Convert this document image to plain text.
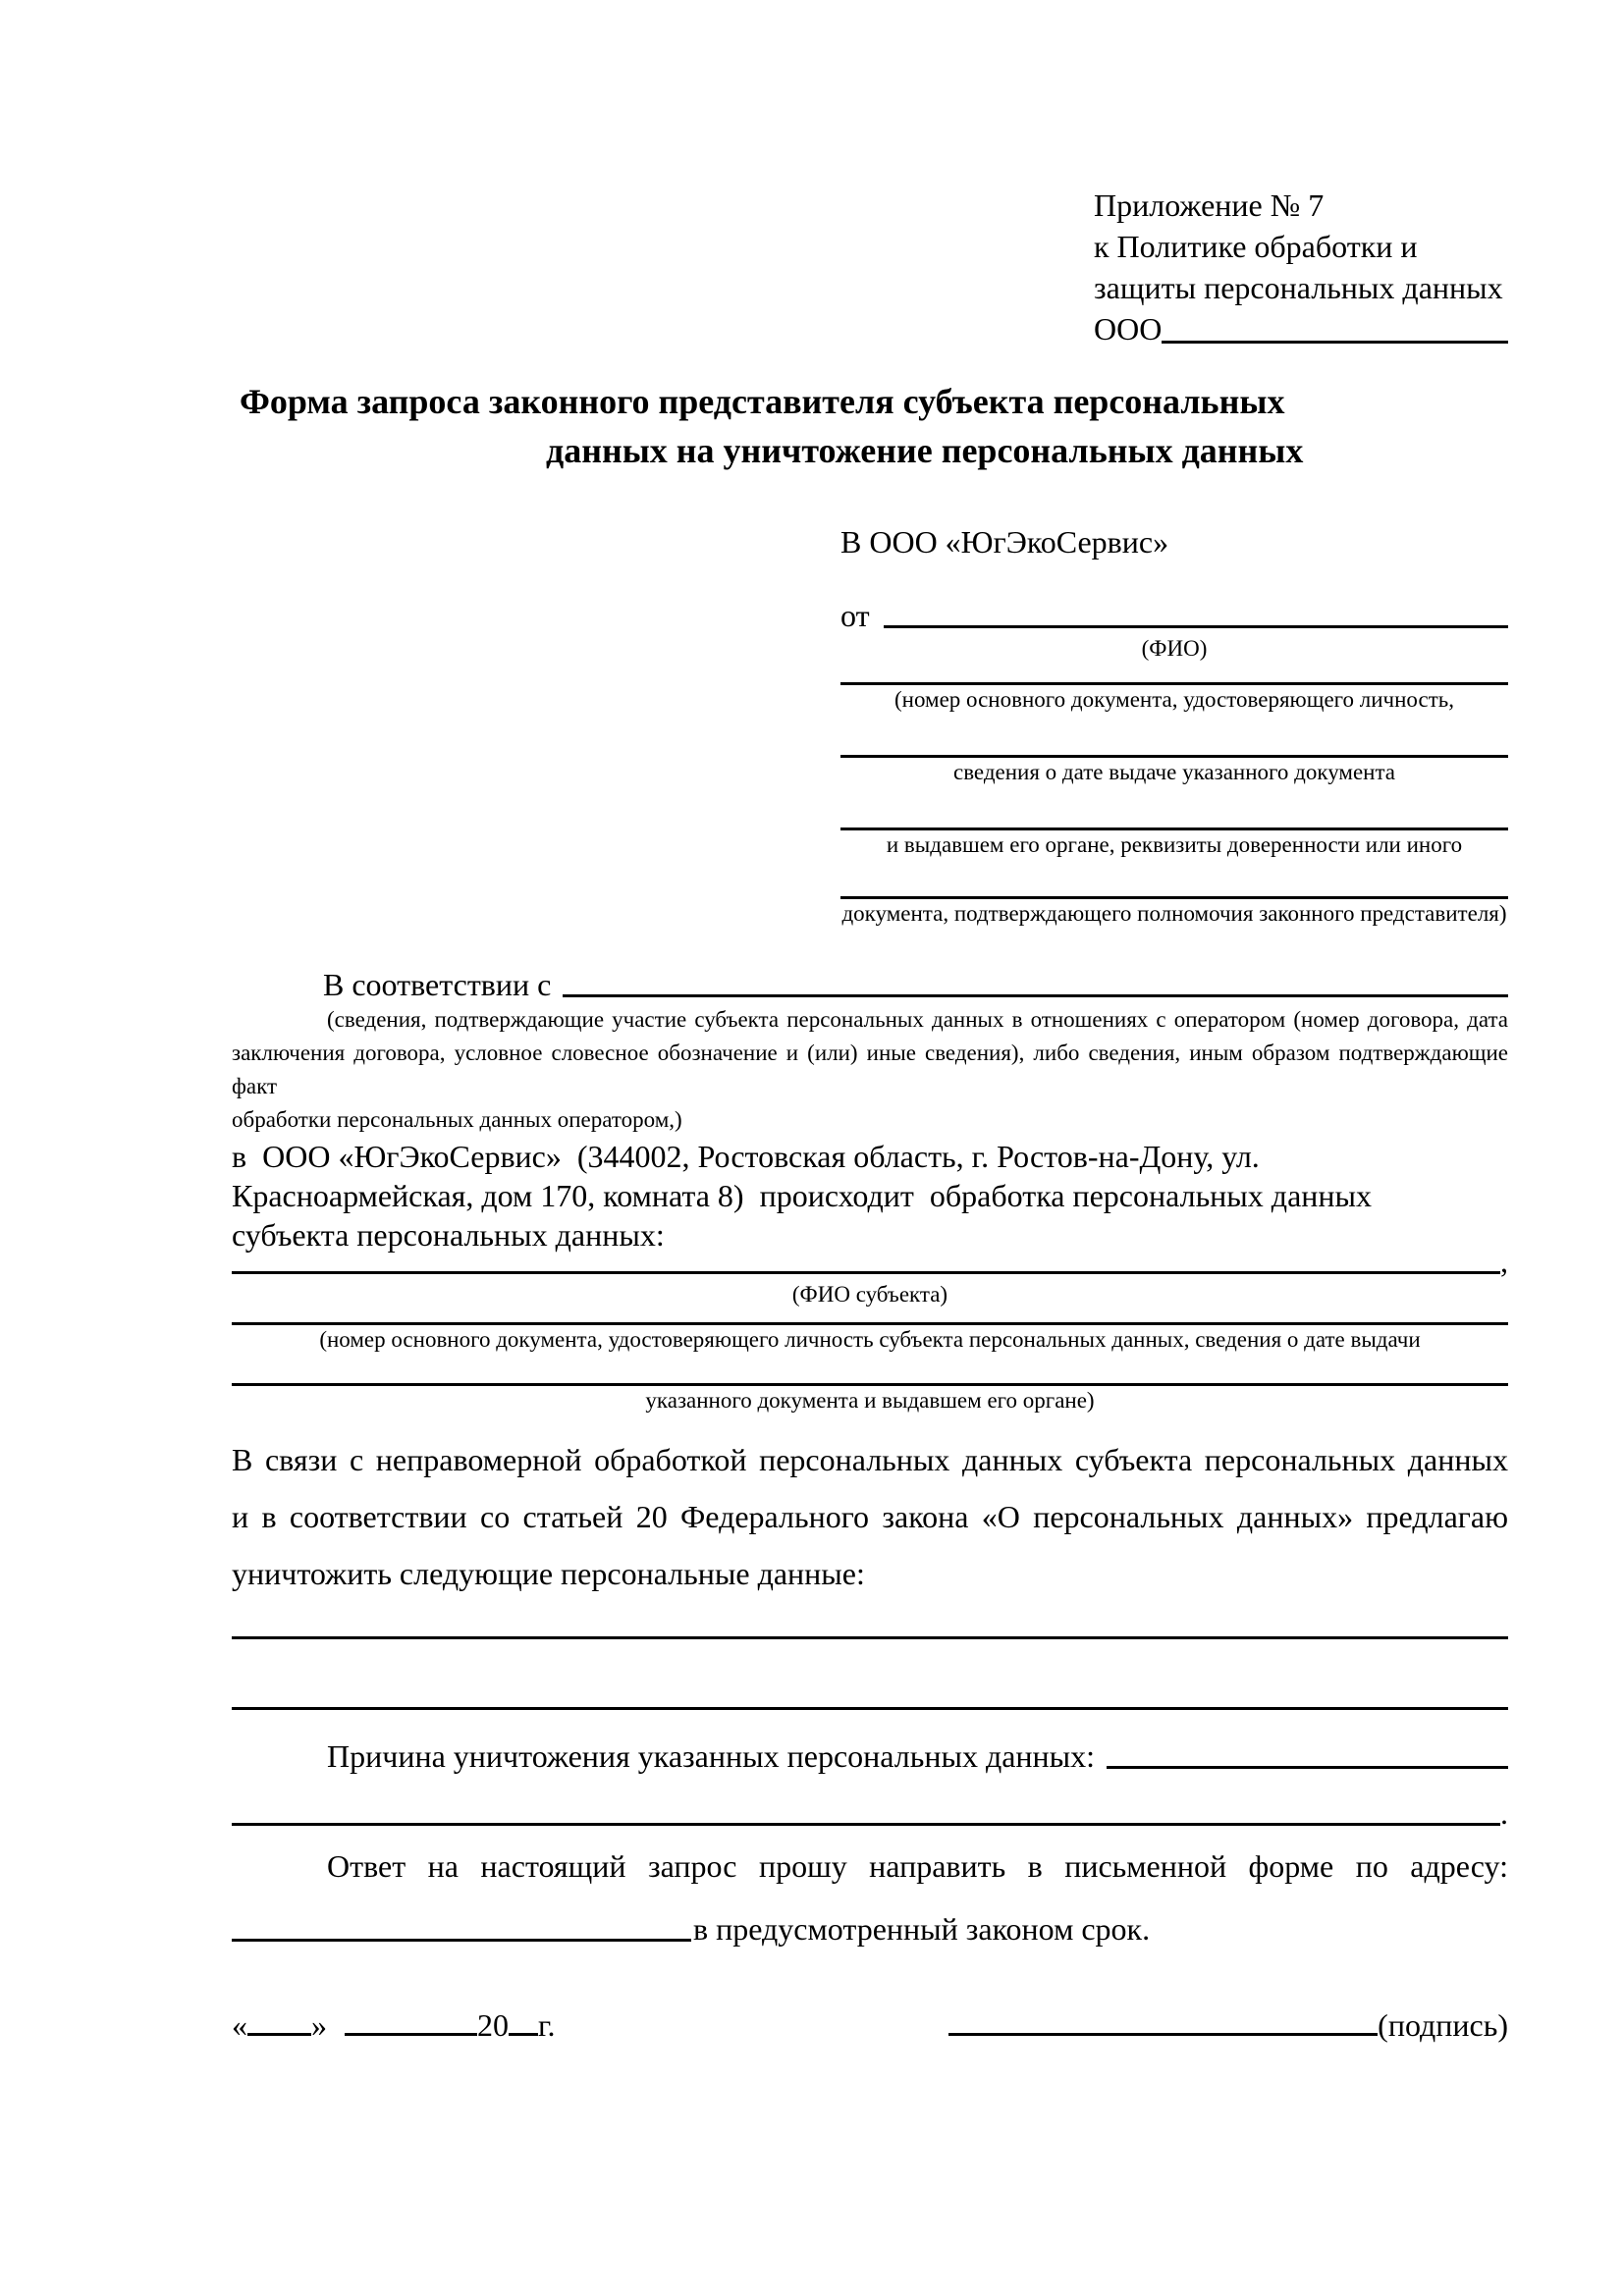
Приложение № 7
к Политике обработки и
защиты персональных данных
ООО
Форма запроса законного представителя субъекта персональных
данных на уничтожение персональных данных
В ООО «ЮгЭкоСервис»
от
(ФИО)
(номер основного документа, удостоверяющего личность,
сведения о дате выдаче указанного документа
и выдавшем его органе, реквизиты доверенности или иного
документа, подтверждающего полномочия законного представителя)
В соответствии с
(сведения, подтверждающие участие субъекта персональных данных в отношениях с оператором (номер договора, дата
заключения договора, условное словесное обозначение и (или) иные сведения), либо сведения, иным образом подтверждающие факт
обработки персональных данных оператором,)
в  ООО «ЮгЭкоСервис»  (344002, Ростовская область, г. Ростов-на-Дону, ул.
Красноармейская, дом 170, комната 8)  происходит  обработка персональных данных
субъекта персональных данных:
,
(ФИО субъекта)
(номер основного документа, удостоверяющего личность субъекта персональных данных, сведения о дате выдачи
указанного документа и выдавшем его органе)
В связи с неправомерной обработкой персональных данных субъекта персональных данных
и в соответствии со статьей 20 Федерального закона «О персональных данных» предлагаю
уничтожить следующие персональные данные:
Причина уничтожения указанных персональных данных:
.
Ответ на настоящий запрос прошу направить в письменной форме по адресу:
в предусмотренный законом срок.
« »	20 г.	(подпись)
